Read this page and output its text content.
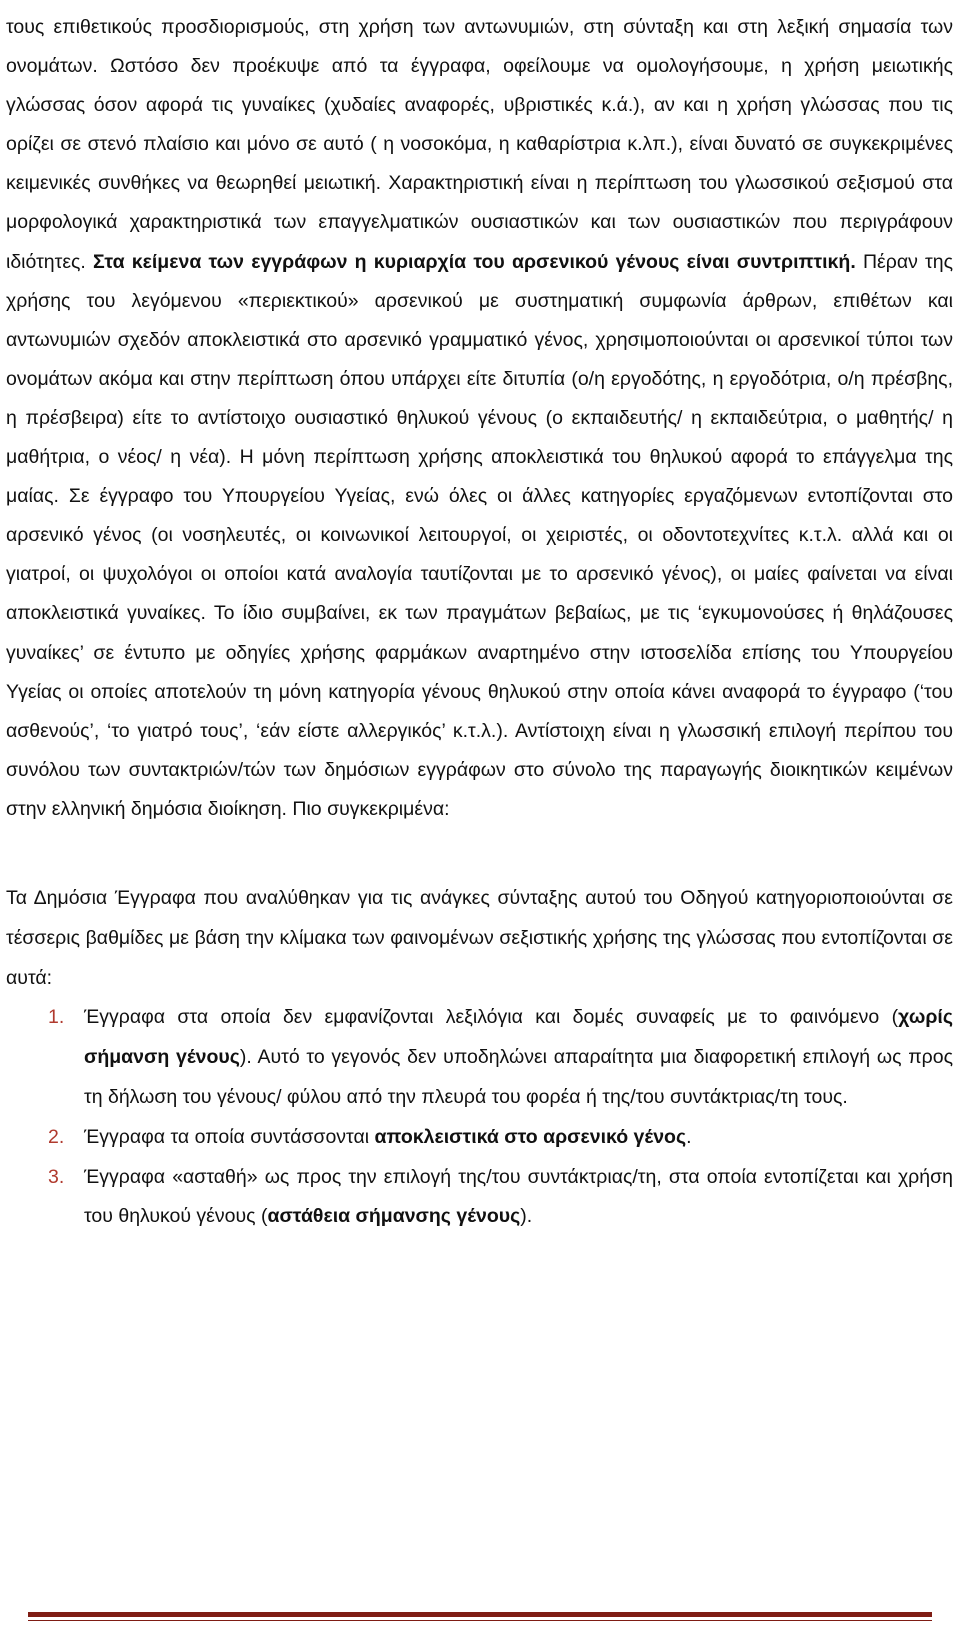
τους επιθετικούς προσδιορισμούς, στη χρήση των αντωνυμιών, στη σύνταξη και στη λεξική σημασία των ονομάτων. Ωστόσο δεν προέκυψε από τα έγγραφα, οφείλουμε να ομολογήσουμε, η χρήση μειωτικής γλώσσας όσον αφορά τις γυναίκες (χυδαίες αναφορές, υβριστικές κ.ά.), αν και η χρήση γλώσσας που τις ορίζει σε στενό πλαίσιο και μόνο σε αυτό ( η νοσοκόμα, η καθαρίστρια κ.λπ.), είναι δυνατό σε συγκεκριμένες κειμενικές συνθήκες να θεωρηθεί μειωτική. Χαρακτηριστική είναι η περίπτωση του γλωσσικού σεξισμού στα μορφολογικά χαρακτηριστικά των επαγγελματικών ουσιαστικών και των ουσιαστικών που περιγράφουν ιδιότητες. Στα κείμενα των εγγράφων η κυριαρχία του αρσενικού γένους είναι συντριπτική. Πέραν της χρήσης του λεγόμενου «περιεκτικού» αρσενικού με συστηματική συμφωνία άρθρων, επιθέτων και αντωνυμιών σχεδόν αποκλειστικά στο αρσενικό γραμματικό γένος, χρησιμοποιούνται οι αρσενικοί τύποι των ονομάτων ακόμα και στην περίπτωση όπου υπάρχει είτε διτυπία (ο/η εργοδότης, η εργοδότρια, ο/η πρέσβης, η πρέσβειρα) είτε το αντίστοιχο ουσιαστικό θηλυκού γένους (ο εκπαιδευτής/ η εκπαιδεύτρια, ο μαθητής/ η μαθήτρια, ο νέος/ η νέα). Η μόνη περίπτωση χρήσης αποκλειστικά του θηλυκού αφορά το επάγγελμα της μαίας. Σε έγγραφο του Υπουργείου Υγείας, ενώ όλες οι άλλες κατηγορίες εργαζόμενων εντοπίζονται στο αρσενικό γένος (οι νοσηλευτές, οι κοινωνικοί λειτουργοί, οι χειριστές, οι οδοντοτεχνίτες κ.τ.λ. αλλά και οι γιατροί, οι ψυχολόγοι οι οποίοι κατά αναλογία ταυτίζονται με το αρσενικό γένος), οι μαίες φαίνεται να είναι αποκλειστικά γυναίκες. Το ίδιο συμβαίνει, εκ των πραγμάτων βεβαίως, με τις ‘εγκυμονούσες ή θηλάζουσες γυναίκες’ σε έντυπο με οδηγίες χρήσης φαρμάκων αναρτημένο στην ιστοσελίδα επίσης του Υπουργείου Υγείας οι οποίες αποτελούν τη μόνη κατηγορία γένους θηλυκού στην οποία κάνει αναφορά το έγγραφο (‘του ασθενούς’, ‘το γιατρό τους’, ‘εάν είστε αλλεργικός’ κ.τ.λ.). Αντίστοιχη είναι η γλωσσική επιλογή περίπου του συνόλου των συντακτριών/τών των δημόσιων εγγράφων στο σύνολο της παραγωγής διοικητικών κειμένων στην ελληνική δημόσια διοίκηση. Πιο συγκεκριμένα:

Τα Δημόσια Έγγραφα που αναλύθηκαν για τις ανάγκες σύνταξης αυτού του Οδηγού κατηγοριοποιούνται σε τέσσερις βαθμίδες με βάση την κλίμακα των φαινομένων σεξιστικής χρήσης της γλώσσας που εντοπίζονται σε αυτά:

1. Έγγραφα στα οποία δεν εμφανίζονται λεξιλόγια και δομές συναφείς με το φαινόμενο (χωρίς σήμανση γένους). Αυτό το γεγονός δεν υποδηλώνει απαραίτητα μια διαφορετική επιλογή ως προς τη δήλωση του γένους/ φύλου από την πλευρά του φορέα ή της/του συντάκτριας/τη τους.
2. Έγγραφα τα οποία συντάσσονται αποκλειστικά στο αρσενικό γένος.
3. Έγγραφα «ασταθή» ως προς την επιλογή της/του συντάκτριας/τη, στα οποία εντοπίζεται και χρήση του θηλυκού γένους (αστάθεια σήμανσης γένους).
